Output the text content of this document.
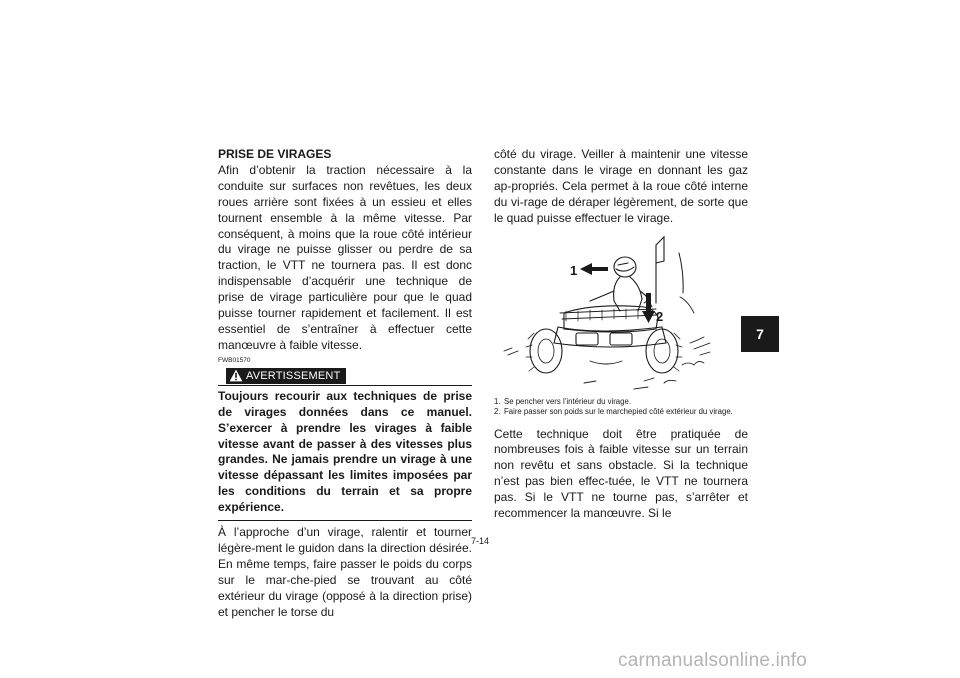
PRISE DE VIRAGES
Afin d’obtenir la traction nécessaire à la conduite sur surfaces non revêtues, les deux roues arrière sont fixées à un essieu et elles tournent ensemble à la même vitesse. Par conséquent, à moins que la roue côté intérieur du virage ne puisse glisser ou perdre de sa traction, le VTT ne tournera pas. Il est donc indispensable d’acquérir une technique de prise de virage particulière pour que le quad puisse tourner rapidement et facilement. Il est essentiel de s’entraîner à effectuer cette manœuvre à faible vitesse.
FWB01570
AVERTISSEMENT
Toujours recourir aux techniques de prise de virages données dans ce manuel. S’exercer à prendre les virages à faible vitesse avant de passer à des vitesses plus grandes. Ne jamais prendre un virage à une vitesse dépassant les limites imposées par les conditions du terrain et sa propre expérience.
À l’approche d’un virage, ralentir et tourner légère-ment le guidon dans la direction désirée. En même temps, faire passer le poids du corps sur le mar-che-pied se trouvant au côté extérieur du virage (opposé à la direction prise) et pencher le torse du
côté du virage. Veiller à maintenir une vitesse constante dans le virage en donnant les gaz ap-propriés. Cela permet à la roue côté interne du vi-rage de déraper légèrement, de sorte que le quad puisse effectuer le virage.
1
2
1. Se pencher vers l’intérieur du virage.
2. Faire passer son poids sur le marchepied côté extérieur du virage.
Cette technique doit être pratiquée de nombreuses fois à faible vitesse sur un terrain non revêtu et sans obstacle. Si la technique n’est pas bien effec-tuée, le VTT ne tournera pas. Si le VTT ne tourne pas, s’arrêter et recommencer la manœuvre. Si le
7-14
7
carmanualsonline.info
